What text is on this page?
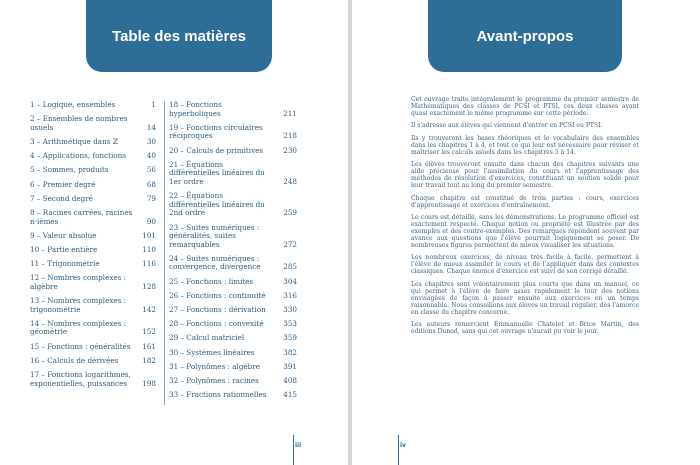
Table des matières
1 – Logique, ensembles	1
2 – Ensembles de nombres usuels	14
3 – Arithmétique dans ℤ	30
4 – Applications, fonctions	40
5 – Sommes, produits	56
6 – Premier degré	68
7 – Second degré	79
8 – Racines carrées, racines n-ièmes	90
9 – Valeur absolue	101
10 – Partie entière	110
11 – Trigonométrie	116
12 – Nombres complexes : algèbre	128
13 – Nombres complexes : trigonométrie	142
14 – Nombres complexes : géométrie	152
15 – Fonctions : généralités	161
16 – Calculs de dérivées	182
17 – Fonctions logarithmes, exponentielles, puissances	198
18 – Fonctions hyperboliques	211
19 – Fonctions circulaires réciproques	218
20 – Calculs de primitives	230
21 – Équations différentielles linéaires du 1er ordre	248
22 – Équations différentielles linéaires du 2nd ordre	259
23 – Suites numériques : généralités, suites remarquables	272
24 – Suites numériques : convergence, divergence	285
25 – Fonctions : limites	304
26 – Fonctions : continuité	316
27 – Fonctions : dérivation	330
28 – Fonctions : convexité	353
29 – Calcul matriciel	359
30 – Systèmes linéaires	382
31 – Polynômes : algèbre	391
32 – Polynômes : racines	408
33 – Fractions rationnelles	415
iii
Avant-propos

Cet ouvrage traite intégralement le programme du premier semestre de Mathématiques des classes de PCSI et PTSI, ces deux classes ayant quasi exactement le même programme sur cette période.

Il s'adresse aux élèves qui viennent d'entrer en PCSI ou PTSI.

Ils y trouveront les bases théoriques et le vocabulaire des ensembles dans les chapitres 1 à 4, et tout ce qui leur est nécessaire pour réviser et maîtriser les calculs usuels dans les chapitres 5 à 14.

Les élèves trouveront ensuite dans chacun des chapitres suivants une aide précieuse pour l'assimilation du cours et l'apprentissage des méthodes de résolution d'exercices, constituant un soutien solide pour leur travail tout au long du premier semestre.

Chaque chapitre est constitué de trois parties : cours, exercices d'apprentissage et exercices d'entraînement.

Le cours est détaillé, sans les démonstrations. Le programme officiel est exactement respecté. Chaque notion ou propriété est illustrée par des exemples et des contre-exemples. Des remarques répondent souvent par avance aux questions que l'élève pourrait logiquement se poser. De nombreuses figures permettent de mieux visualiser les situations.

Les nombreux exercices, de niveau très facile à facile, permettent à l'élève de mieux assimiler le cours et de l'appliquer dans des contextes classiques. Chaque énoncé d'exercice est suivi de son corrigé détaillé.

Les chapitres sont volontairement plus courts que dans un manuel, ce qui permet à l'élève de faire assez rapidement le tour des notions envisagées de façon à passer ensuite aux exercices en un temps raisonnable. Nous conseillons aux élèves un travail régulier, dès l'amorce en classe du chapitre concerné.

Les auteurs remercient Emmanuelle Chatelet et Brice Martin, des éditions Dunod, sans qui cet ouvrage n'aurait pu voir le jour.

iv
